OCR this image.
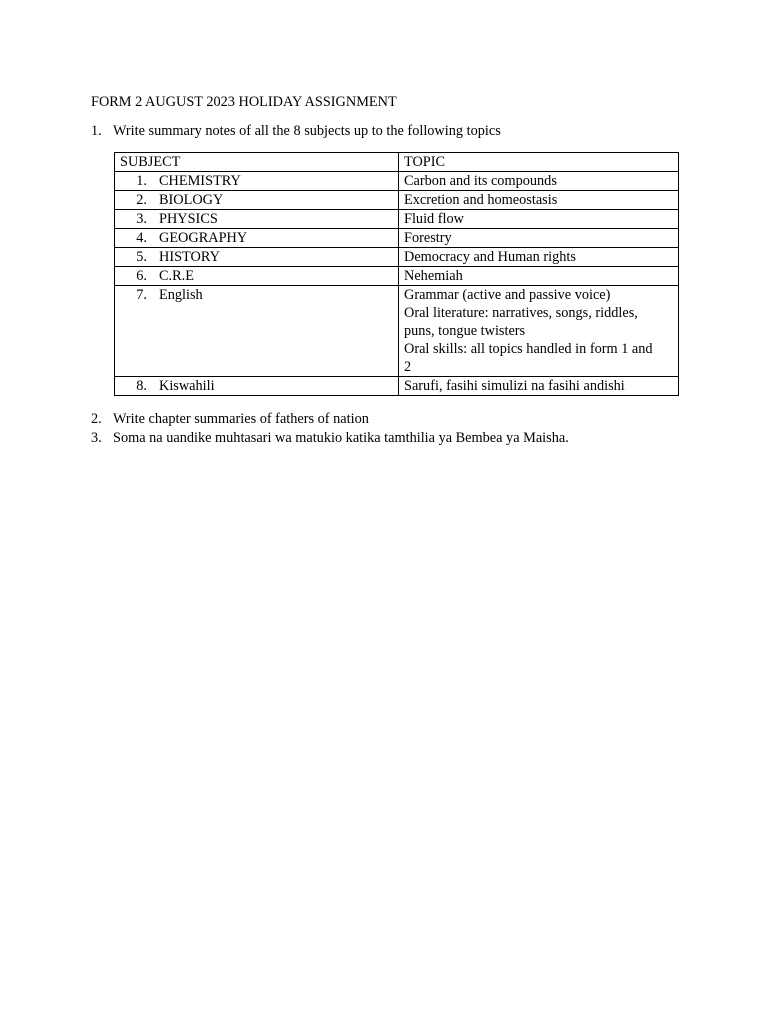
FORM 2 AUGUST 2023 HOLIDAY ASSIGNMENT
1. Write summary notes of all the 8 subjects up to the following topics
SUBJECT	TOPIC
1. CHEMISTRY	Carbon and its compounds

2. BIOLOGY	Excretion and homeostasis

3. PHYSICS	Fluid flow

4. GEOGRAPHY	Forestry

5. HISTORY	Democracy and Human rights

6. C.R.E	Nehemiah

7. English	Grammar (active and passive voice)
Oral literature: narratives, songs, riddles,
puns, tongue twisters
Oral skills: all topics handled in form 1 and
2

8. Kiswahili	Sarufi, fasihi simulizi na fasihi andishi
2. Write chapter summaries of fathers of nation
3. Soma na uandike muhtasari wa matukio katika tamthilia ya Bembea ya Maisha.
